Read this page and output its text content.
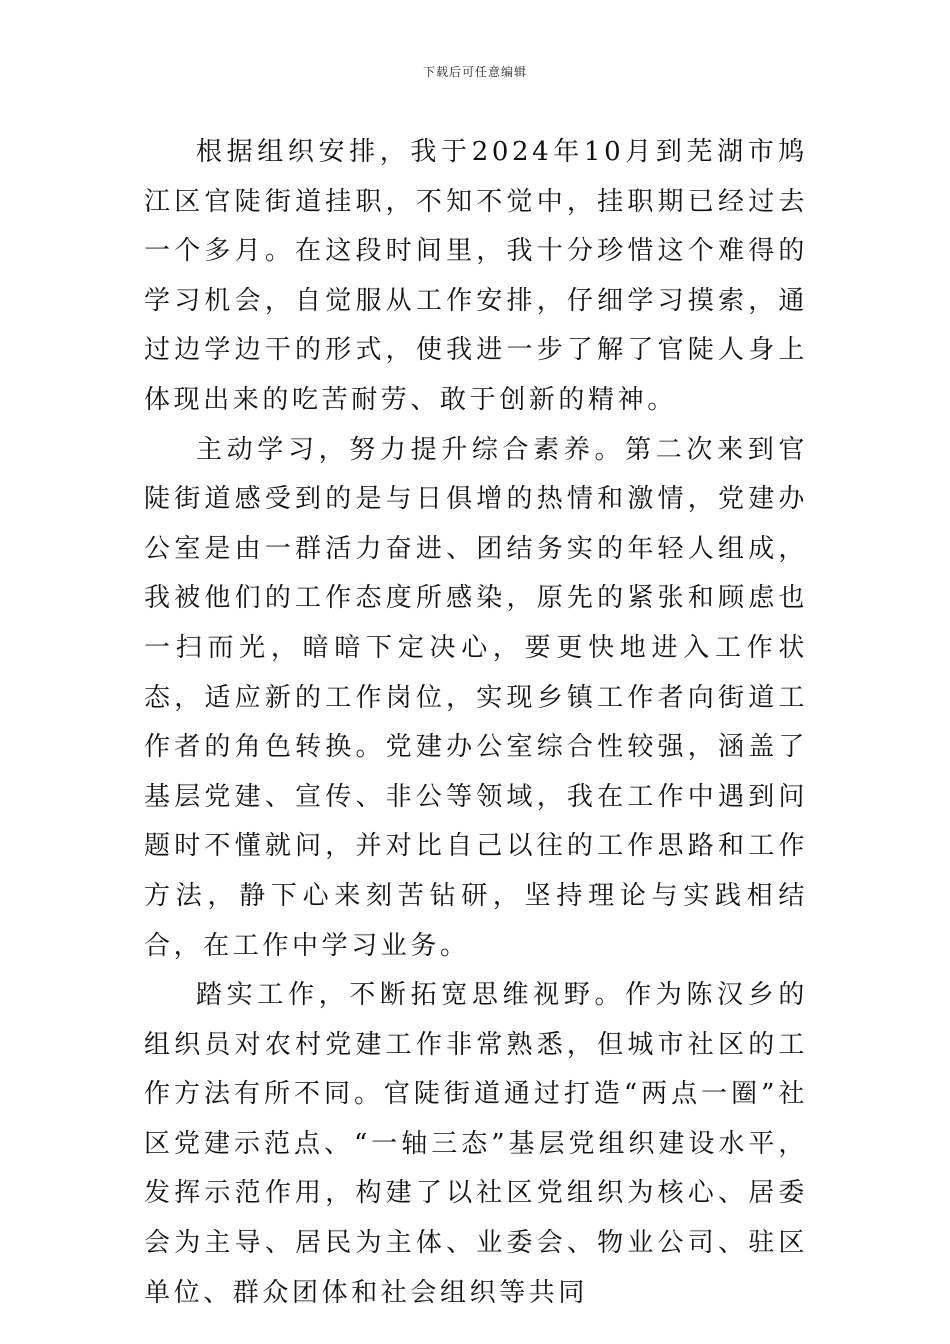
下载后可任意编辑

根据组织安排，我于2024年10月到芜湖市鸠江区官陡街道挂职，不知不觉中，挂职期已经过去一个多月。在这段时间里，我十分珍惜这个难得的学习机会，自觉服从工作安排，仔细学习摸索，通过边学边干的形式，使我进一步了解了官陡人身上体现出来的吃苦耐劳、敢于创新的精神。

主动学习，努力提升综合素养。第二次来到官陡街道感受到的是与日俱增的热情和激情，党建办公室是由一群活力奋进、团结务实的年轻人组成，我被他们的工作态度所感染，原先的紧张和顾虑也一扫而光，暗暗下定决心，要更快地进入工作状态，适应新的工作岗位，实现乡镇工作者向街道工作者的角色转换。党建办公室综合性较强，涵盖了基层党建、宣传、非公等领域，我在工作中遇到问题时不懂就问，并对比自己以往的工作思路和工作方法，静下心来刻苦钻研，坚持理论与实践相结合，在工作中学习业务。

踏实工作，不断拓宽思维视野。作为陈汉乡的组织员对农村党建工作非常熟悉，但城市社区的工作方法有所不同。官陡街道通过打造“两点一圈”社区党建示范点、“一轴三态”基层党组织建设水平，发挥示范作用，构建了以社区党组织为核心、居委会为主导、居民为主体、业委会、物业公司、驻区单位、群众团体和社会组织等共同
